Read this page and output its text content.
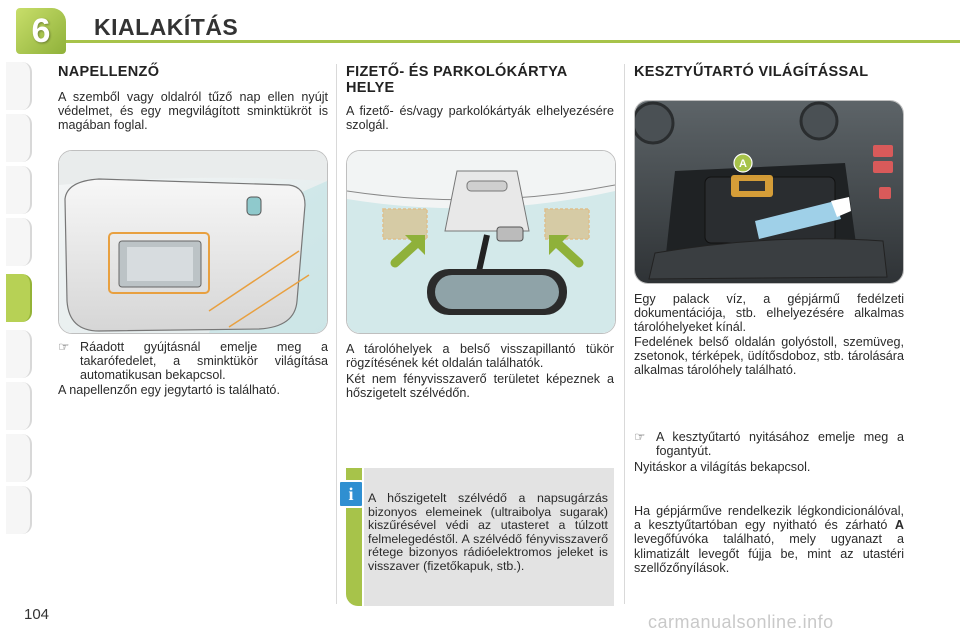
6	KIALAKÍTÁS
NAPELLENZŐ
A szemből vagy oldalról tűző nap ellen nyújt védelmet, és egy megvilágított sminktükröt is magában foglal.
☞ Ráadott gyújtásnál emelje meg a takarófedelet, a sminktükör világítása automatikusan bekapcsol.
A napellenzőn egy jegytartó is található.
FIZETŐ- ÉS PARKOLÓKÁRTYA HELYE
A fizető- és/vagy parkolókártyák elhelyezésére szolgál.
A tárolóhelyek a belső visszapillantó tükör rögzítésének két oldalán találhatók.
Két nem fényvisszaverő területet képeznek a hőszigetelt szélvédőn.
i	A hőszigetelt szélvédő a napsugárzás bizonyos elemeinek (ultraibolya sugarak) kiszűrésével védi az utasteret a túlzott felmelegedéstől. A szélvédő fényvisszaverő rétege bizonyos rádióelektromos jeleket is visszaver (fizetőkapuk, stb.).
KESZTYŰTARTÓ VILÁGÍTÁSSAL
A
Egy palack víz, a gépjármű fedélzeti dokumentációja, stb. elhelyezésére alkalmas tárolóhelyeket kínál.
Fedelének belső oldalán golyóstoll, szemüveg, zsetonok, térképek, üdítősdoboz, stb. tárolására alkalmas tárolóhely található.
☞ A kesztyűtartó nyitásához emelje meg a fogantyút.
Nyitáskor a világítás bekapcsol.
Ha gépjárműve rendelkezik légkondicionálóval, a kesztyűtartóban egy nyitható és zárható A levegőfúvóka található, mely ugyanazt a klimatizált levegőt fújja be, mint az utastéri szellőzőnyílások.
104	carmanualsonline.info
